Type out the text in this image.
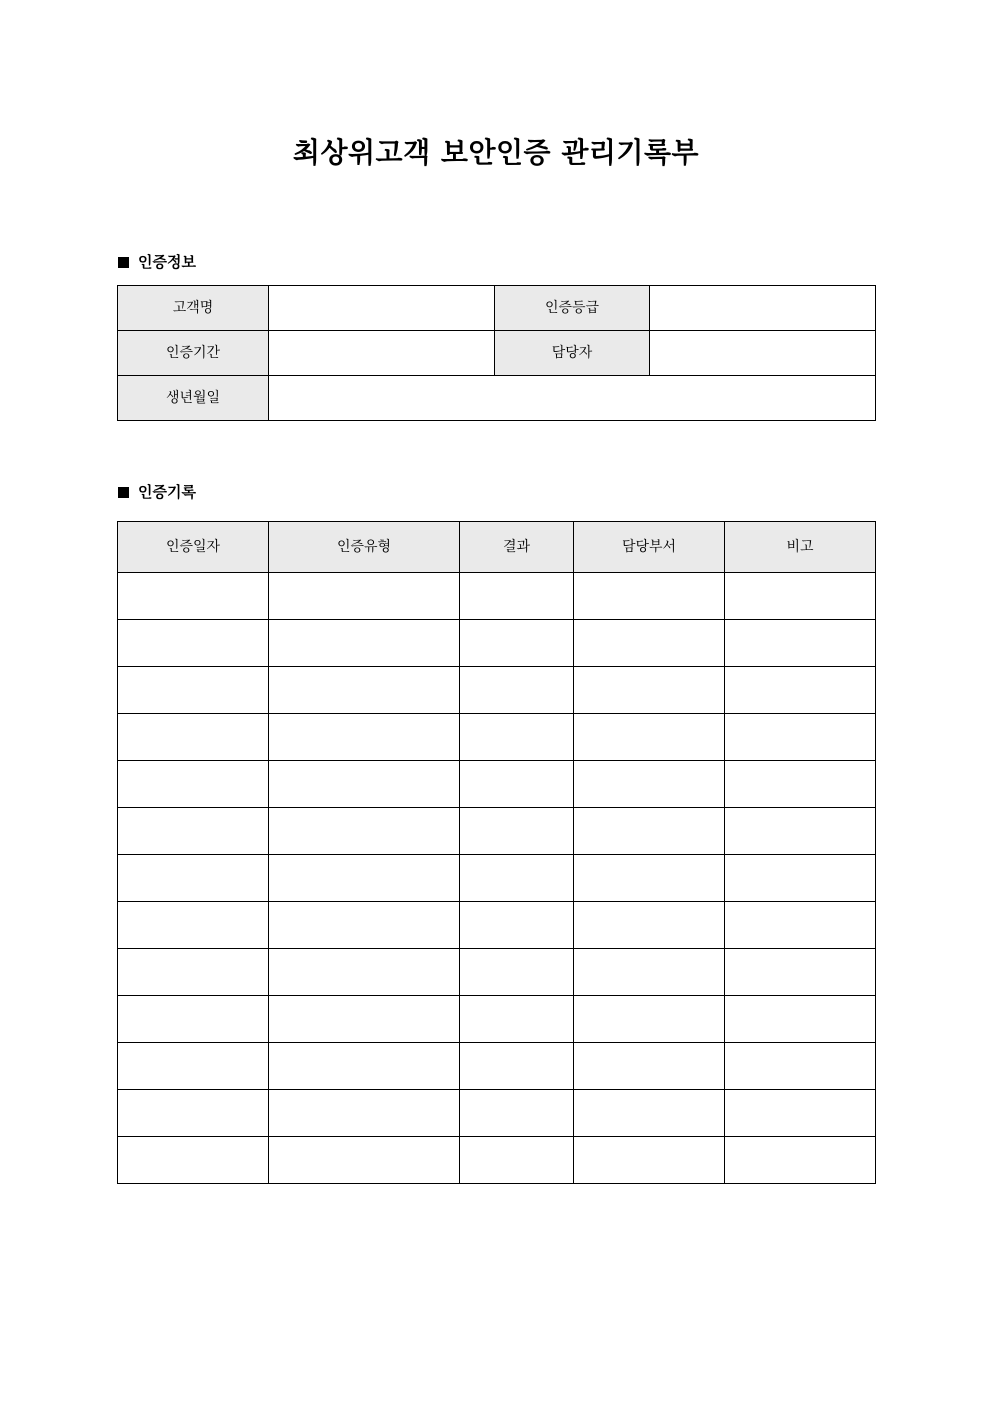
최상위고객 보안인증 관리기록부
인증정보
고객명		인증등급	
인증기간		담당자	
생년월일			
인증기록
인증일자	인증유형	결과	담당부서	비고
